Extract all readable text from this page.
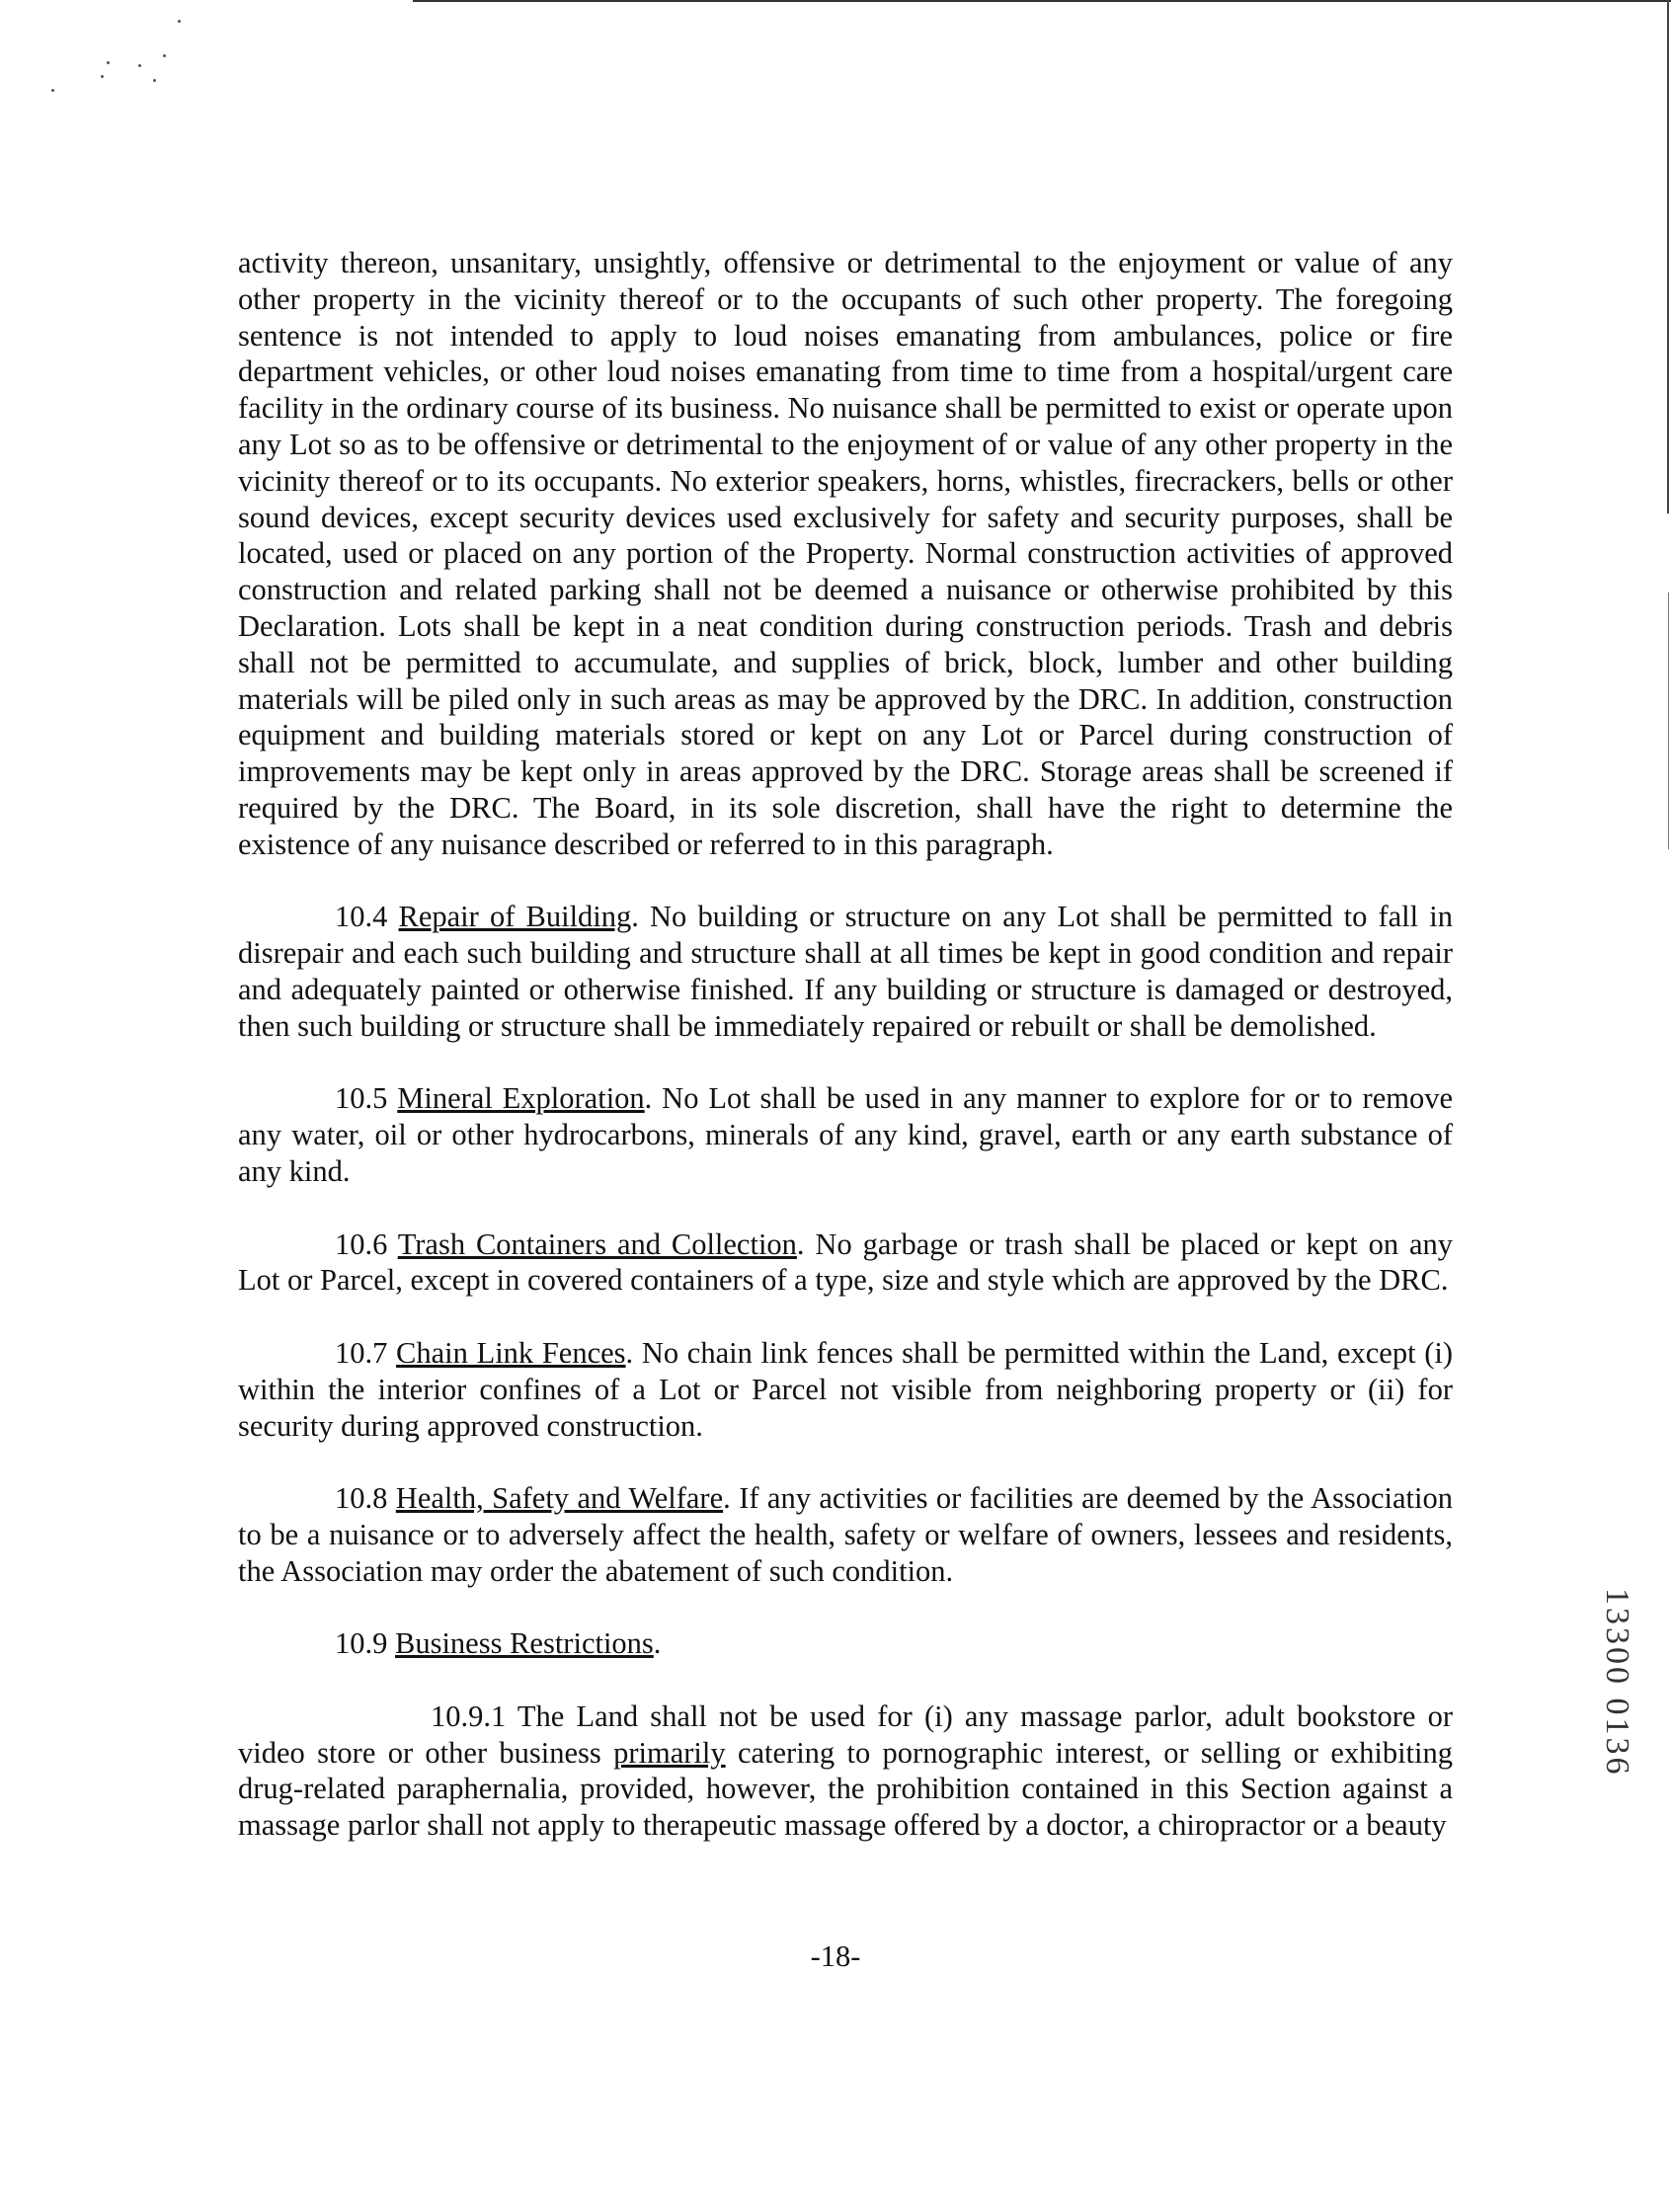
activity thereon, unsanitary, unsightly, offensive or detrimental to the enjoyment or value of any other property in the vicinity thereof or to the occupants of such other property. The foregoing sentence is not intended to apply to loud noises emanating from ambulances, police or fire department vehicles, or other loud noises emanating from time to time from a hospital/urgent care facility in the ordinary course of its business. No nuisance shall be permitted to exist or operate upon any Lot so as to be offensive or detrimental to the enjoyment of or value of any other property in the vicinity thereof or to its occupants. No exterior speakers, horns, whistles, firecrackers, bells or other sound devices, except security devices used exclusively for safety and security purposes, shall be located, used or placed on any portion of the Property. Normal construction activities of approved construction and related parking shall not be deemed a nuisance or otherwise prohibited by this Declaration. Lots shall be kept in a neat condition during construction periods. Trash and debris shall not be permitted to accumulate, and supplies of brick, block, lumber and other building materials will be piled only in such areas as may be approved by the DRC. In addition, construction equipment and building materials stored or kept on any Lot or Parcel during construction of improvements may be kept only in areas approved by the DRC. Storage areas shall be screened if required by the DRC. The Board, in its sole discretion, shall have the right to determine the existence of any nuisance described or referred to in this paragraph.

10.4 Repair of Building. No building or structure on any Lot shall be permitted to fall in disrepair and each such building and structure shall at all times be kept in good condition and repair and adequately painted or otherwise finished. If any building or structure is damaged or destroyed, then such building or structure shall be immediately repaired or rebuilt or shall be demolished.

10.5 Mineral Exploration. No Lot shall be used in any manner to explore for or to remove any water, oil or other hydrocarbons, minerals of any kind, gravel, earth or any earth substance of any kind.

10.6 Trash Containers and Collection. No garbage or trash shall be placed or kept on any Lot or Parcel, except in covered containers of a type, size and style which are approved by the DRC.

10.7 Chain Link Fences. No chain link fences shall be permitted within the Land, except (i) within the interior confines of a Lot or Parcel not visible from neighboring property or (ii) for security during approved construction.

10.8 Health, Safety and Welfare. If any activities or facilities are deemed by the Association to be a nuisance or to adversely affect the health, safety or welfare of owners, lessees and residents, the Association may order the abatement of such condition.

10.9 Business Restrictions.

10.9.1 The Land shall not be used for (i) any massage parlor, adult bookstore or video store or other business primarily catering to pornographic interest, or selling or exhibiting drug-related paraphernalia, provided, however, the prohibition contained in this Section against a massage parlor shall not apply to therapeutic massage offered by a doctor, a chiropractor or a beauty

-18-
13300 0136
